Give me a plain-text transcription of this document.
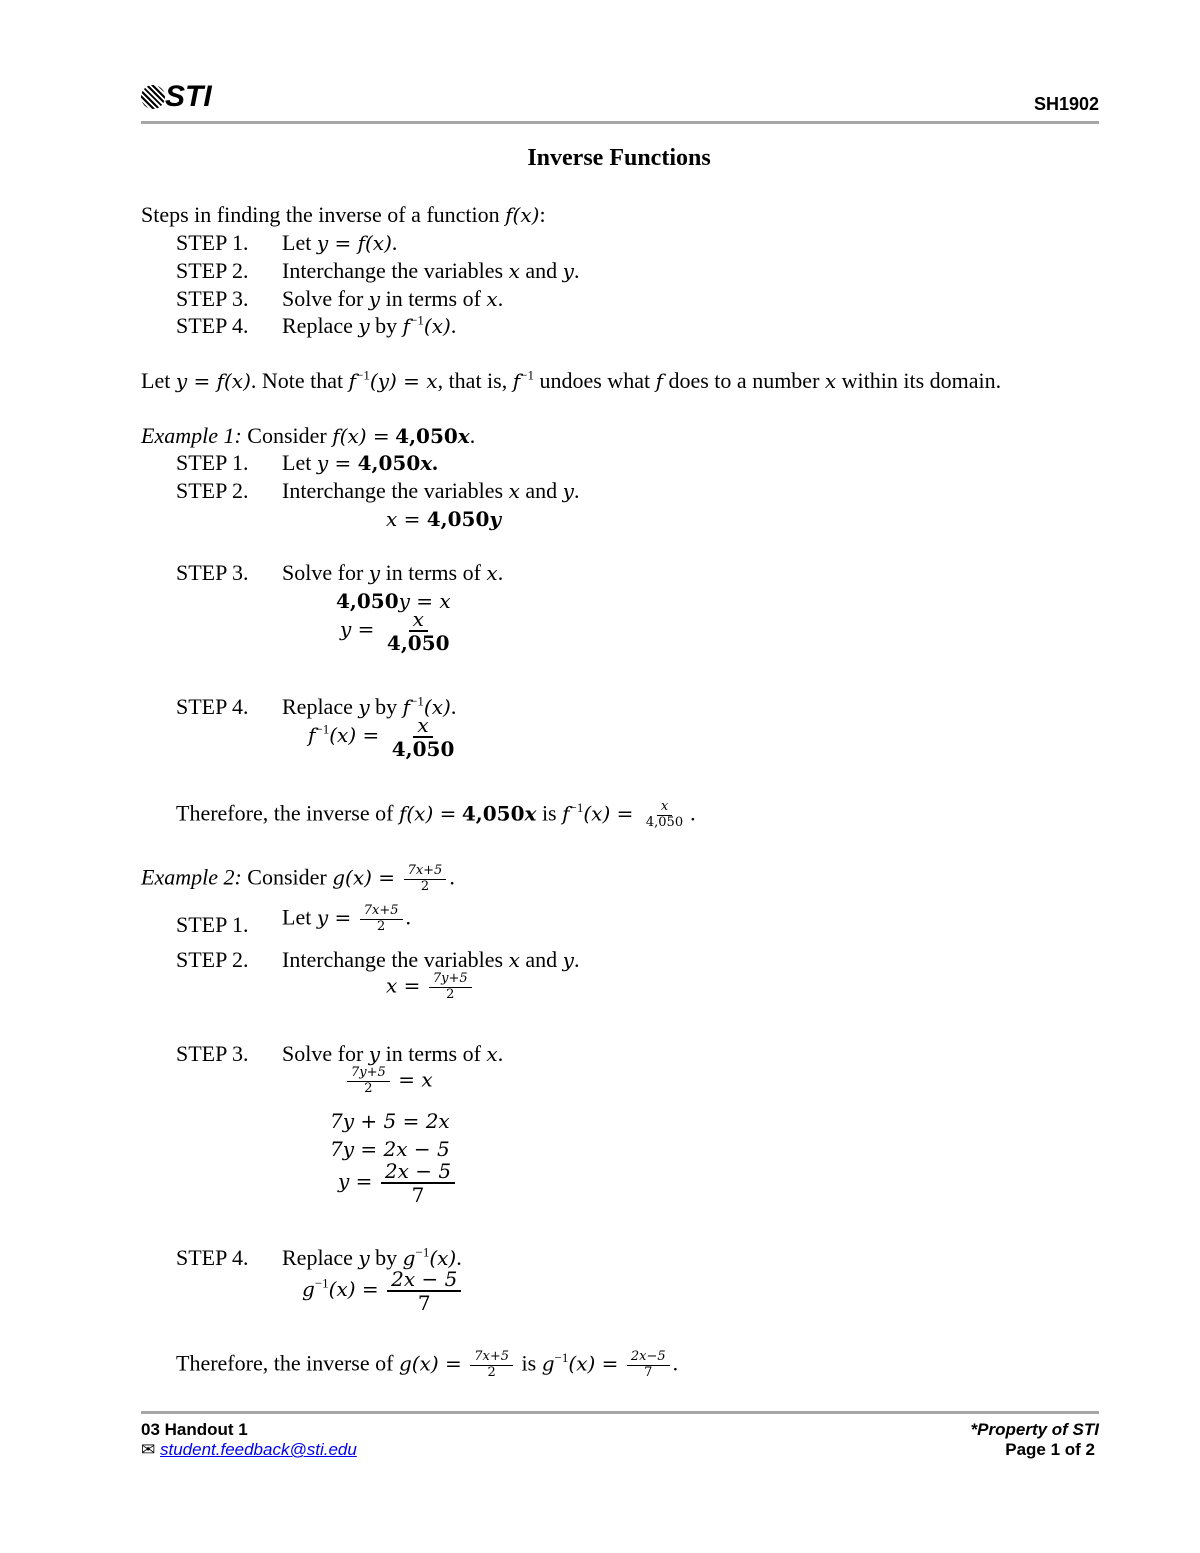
STI	SH1902
Inverse Functions
Steps in finding the inverse of a function f(x):
STEP 1. Let y = f(x).
STEP 2. Interchange the variables x and y.
STEP 3. Solve for y in terms of x.
STEP 4. Replace y by $f^{-1}(x)$.
Let y = f(x). Note that $f^{-1}(y) = x$, that is, $f^{-1}$ undoes what f does to a number x within its domain.
Example 1: Consider f(x) = 4,050x.
STEP 1. Let y = 4,050x.
STEP 2. Interchange the variables x and y.
x = 4,050y
STEP 3. Solve for y in terms of x.
4,050y = x
$y = \frac{x}{4,050}$
STEP 4. Replace y by $f^{-1}(x)$.
$f^{-1}(x) = \frac{x}{4,050}$
Therefore, the inverse of f(x) = 4,050x is $f^{-1}(x) = \frac{x}{4,050}$ .
Example 2: Consider $g(x) = \frac{7x+5}{2}$ .
STEP 1. Let $y = \frac{7x+5}{2}$ .
STEP 2. Interchange the variables x and y.
$x = \frac{7y+5}{2}$
STEP 3. Solve for y in terms of x.
$\frac{7y+5}{2} = x$
7y + 5 = 2x
7y = 2x − 5
$y = \frac{2x - 5}{7}$
STEP 4. Replace y by $g^{-1}(x)$.
$g^{-1}(x) = \frac{2x - 5}{7}$
Therefore, the inverse of $g(x) = \frac{7x+5}{2}$ is $g^{-1}(x) = \frac{2x-5}{7}$ .
03 Handout 1
✉ student.feedback@sti.edu
*Property of STI
Page 1 of 2
